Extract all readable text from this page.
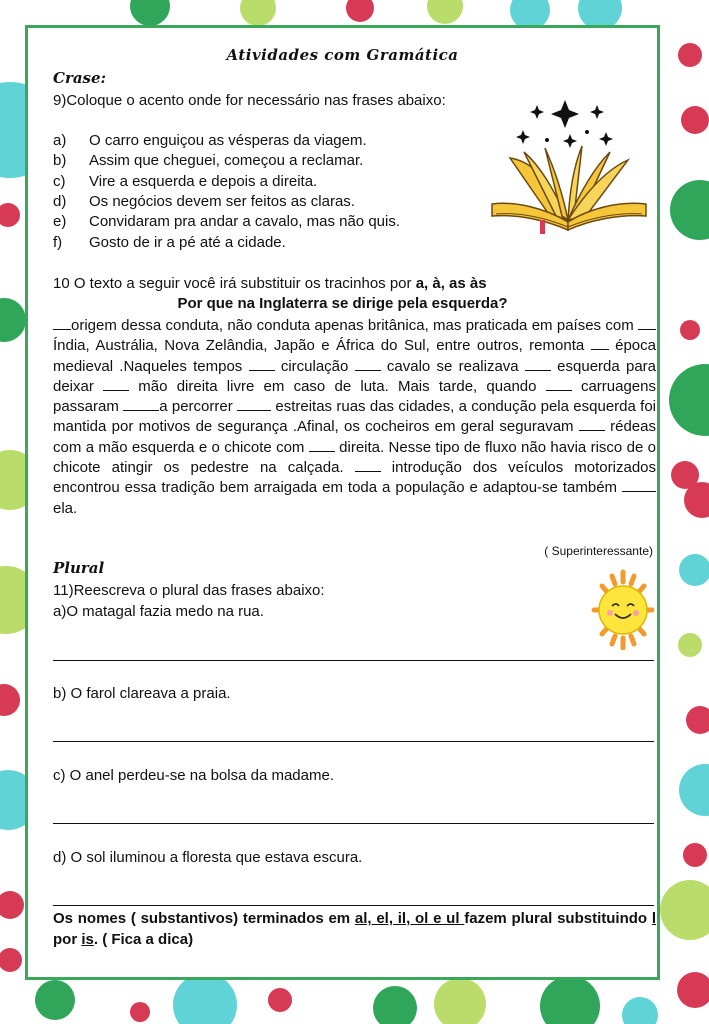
Atividades com Gramática
Crase:
9)Coloque o acento onde for necessário nas frases abaixo:
a) O carro enguiçou as vésperas da viagem.
b) Assim que cheguei, começou a reclamar.
c) Vire a esquerda e depois a direita.
d) Os negócios devem ser feitos as claras.
e) Convidaram pra andar a cavalo, mas não quis.
f) Gosto de ir a pé até a cidade.
10 O texto a seguir você irá substituir os tracinhos por a, à, as às
Por que na Inglaterra se dirige pela esquerda?
origem dessa conduta, não conduta apenas britânica, mas praticada em países com  Índia, Austrália, Nova Zelândia, Japão e África do Sul, entre outros, remonta  época medieval .Naqueles tempos  circulação  cavalo se realizava  esquerda para deixar  mão direita livre em caso de luta. Mais tarde, quando  carruagens passaram a percorrer  estreitas ruas das cidades, a condução pela esquerda foi mantida por motivos de segurança .Afinal, os cocheiros em geral seguravam  rédeas com a mão esquerda e o chicote com  direita. Nesse tipo de fluxo não havia risco de o chicote atingir os pedestre na calçada.  introdução dos veículos motorizados encontrou essa tradição bem arraigada em toda a população e adaptou-se também  ela.
( Superinteressante)
Plural
11)Reescreva o plural das frases abaixo:
a)O matagal fazia medo na rua.
b) O farol clareava a praia.
c) O anel perdeu-se na bolsa da madame.
d) O sol iluminou a floresta que estava escura.
Os nomes ( substantivos) terminados em al, el, il, ol e ul fazem plural substituindo l por is. ( Fica a dica)
